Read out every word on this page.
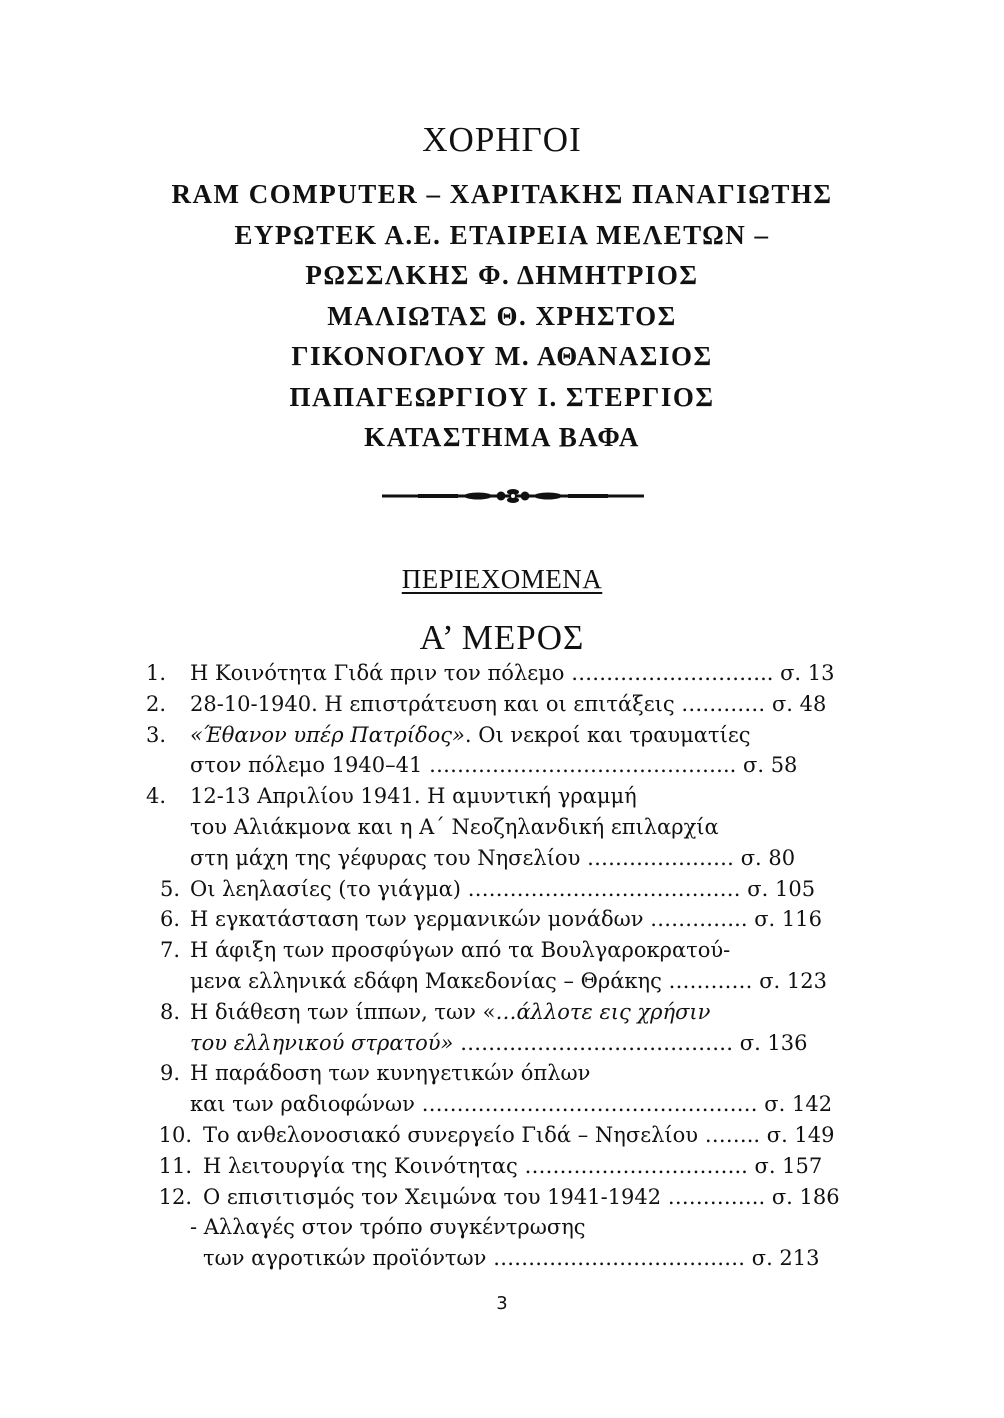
ΧΟΡΗΓΟΙ
RAM COMPUTER – ΧΑΡΙΤΑΚΗΣ ΠΑΝΑΓΙΩΤΗΣ
ΕΥΡΩΤΕΚ Α.Ε. ΕΤΑΙΡΕΙΑ ΜΕΛΕΤΩΝ –
ΡΩΣΣΛΚΗΣ Φ. ΔΗΜΗΤΡΙΟΣ
ΜΑΛΙΩΤΑΣ Θ. ΧΡΗΣΤΟΣ
ΓΙΚΟΝΟΓΛΟΥ Μ. ΑΘΑΝΑΣΙΟΣ
ΠΑΠΑΓΕΩΡΓΙΟΥ Ι. ΣΤΕΡΓΙΟΣ
ΚΑΤΑΣΤΗΜΑ ΒΑΦΑ
ΠΕΡΙΕΧΟΜΕΝΑ
Α’ ΜΕΡΟΣ
1. Η Κοινότητα Γιδά πριν τον πόλεμο ……………………….. σ. 13
2. 28-10-1940. Η επιστράτευση και οι επιτάξεις ………… σ. 48
3. «Έθανον υπέρ Πατρίδος». Οι νεκροί και τραυματίες
στον πόλεμο 1940–41 …………………………………….. σ. 58
4. 12-13 Απριλίου 1941. Η αμυντική γραμμή
του Αλιάκμονα και η Α΄ Νεοζηλανδική επιλαρχία
στη μάχη της γέφυρας του Νησελίου ………………… σ. 80
5. Οι λεηλασίες (το γιάγμα) ………………………………… σ. 105
6. Η εγκατάσταση των γερμανικών μονάδων ………….. σ. 116
7. Η άφιξη των προσφύγων από τα Βουλγαροκρατού-
μενα ελληνικά εδάφη Μακεδονίας – Θράκης ………… σ. 123
8. Η διάθεση των ίππων, των «…άλλοτε εις χρήσιν
του ελληνικού στρατού» ………………………………… σ. 136
9. Η παράδοση των κυνηγετικών όπλων
και των ραδιοφώνων ………………………………………… σ. 142
10. Το ανθελονοσιακό συνεργείο Γιδά – Νησελίου …….. σ. 149
11. Η λειτουργία της Κοινότητας ………………………….. σ. 157
12. Ο επισιτισμός τον Χειμώνα του 1941-1942 ………….. σ. 186
- Αλλαγές στον τρόπο συγκέντρωσης
των αγροτικών προϊόντων ……………………………… σ. 213
3
